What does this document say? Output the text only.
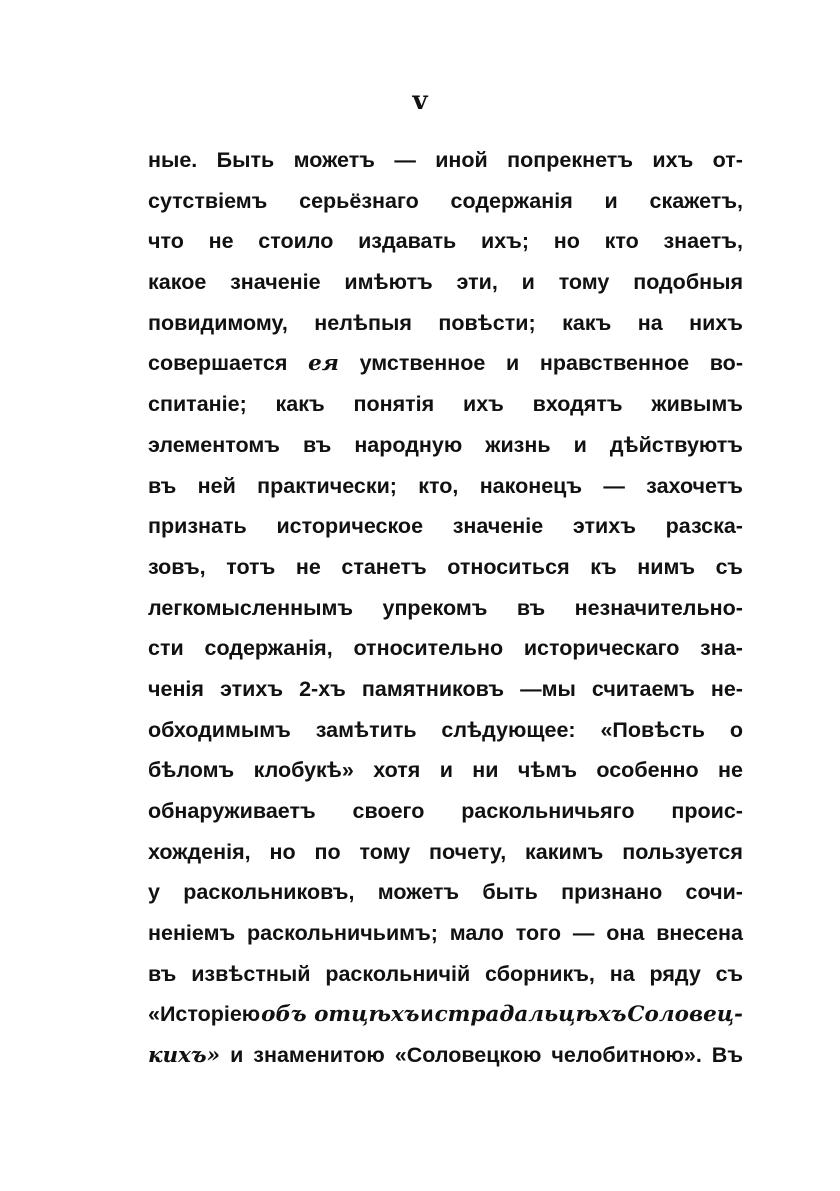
v
ные. Быть можетъ — иной попрекнетъ ихъ от-
сутствіемъ серьёзнаго содержанія и скажетъ,
что не стоило издавать ихъ; но кто знаетъ,
какое значеніе имѣютъ эти, и тому подобныя
повидимому, нелѣпыя повѣсти; какъ на нихъ
совершается ея умственное и нравственное во-
спитаніе; какъ понятія ихъ входятъ живымъ
элементомъ въ народную жизнь и дѣйствуютъ
въ ней практически; кто, наконецъ — захочетъ
признать историческое значеніе этихъ разска-
зовъ, тотъ не станетъ относиться къ нимъ съ
легкомысленнымъ упрекомъ въ незначительно-
сти содержанія, относительно историческаго зна-
ченія этихъ 2-хъ памятниковъ —мы считаемъ не-
обходимымъ замѣтить слѣдующее: «Повѣсть о
бѣломъ клобукѣ» хотя и ни чѣмъ особенно не
обнаруживаетъ своего раскольничьяго проис-
хожденія, но по тому почету, какимъ пользуется
у раскольниковъ, можетъ быть признано сочи-
неніемъ раскольничьимъ; мало того — она внесена
въ извѣстный раскольничій сборникъ, на ряду съ
«Исторіею объ отцѣхъ и страдальцѣхъ Соловец-
кихъ» и знаменитою «Соловецкою челобитною». Въ
